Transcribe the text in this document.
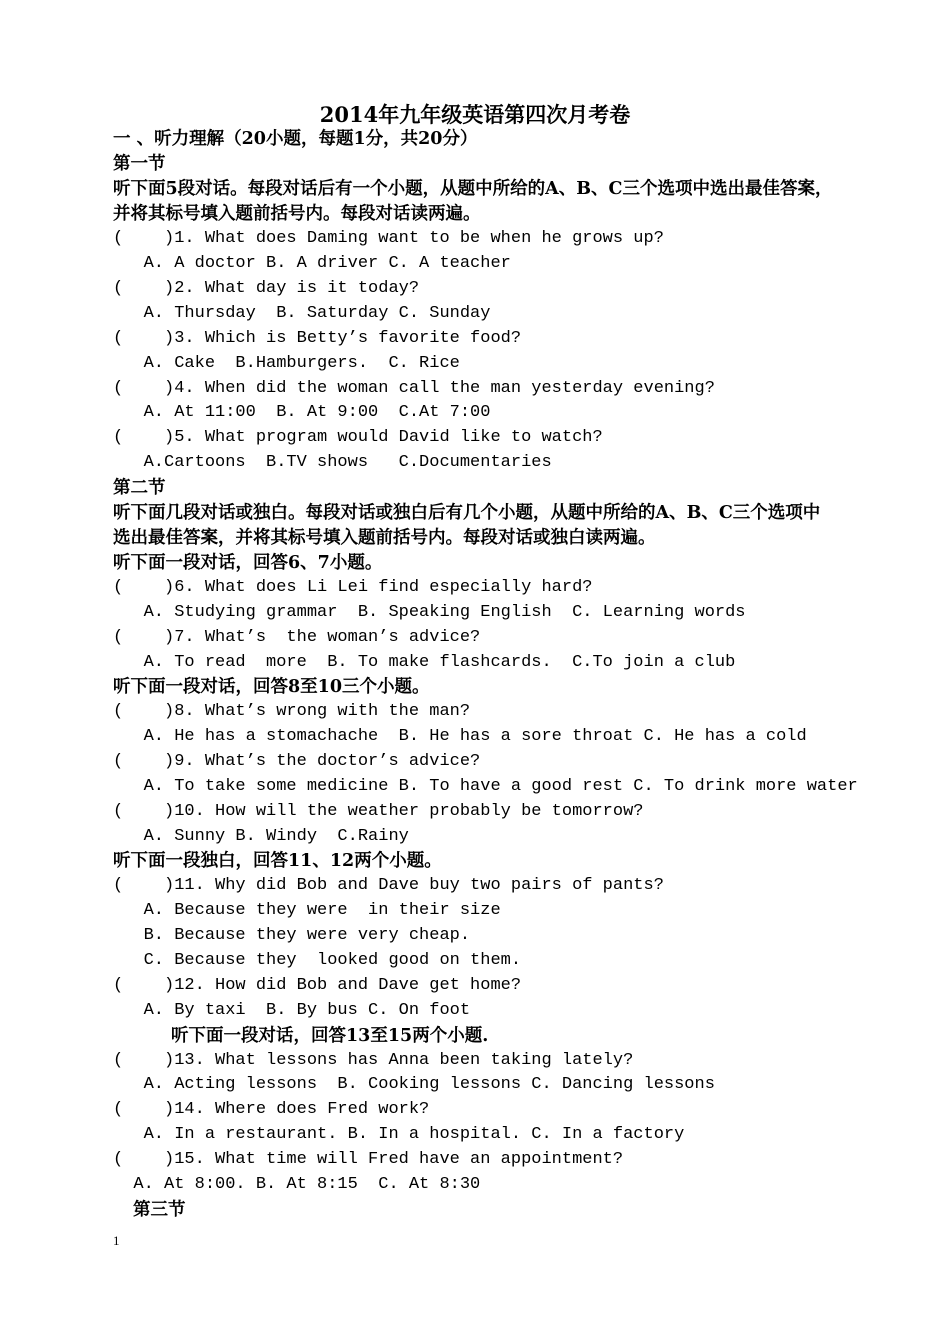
2014年九年级英语第四次月考卷
一 、听力理解（20小题，每题1分，共20分）
第一节
听下面5段对话。每段对话后有一个小题，从题中所给的A、B、C三个选项中选出最佳答案，
并将其标号填入题前括号内。每段对话读两遍。
(    )1. What does Daming want to be when he grows up?
A. A doctor B. A driver C. A teacher
(    )2. What day is it today?
A. Thursday  B. Saturday C. Sunday
(    )3. Which is Betty’s favorite food?
A. Cake  B.Hamburgers.  C. Rice
(    )4. When did the woman call the man yesterday evening?
A. At 11:00  B. At 9:00  C.At 7:00
(    )5. What program would David like to watch?
A.Cartoons  B.TV shows   C.Documentaries
第二节
听下面几段对话或独白。每段对话或独白后有几个小题，从题中所给的A、B、C三个选项中
选出最佳答案，并将其标号填入题前括号内。每段对话或独白读两遍。
听下面一段对话，回答6、7小题。
(    )6. What does Li Lei find especially hard?
A. Studying grammar  B. Speaking English  C. Learning words
(    )7. What’s  the woman’s advice?
A. To read  more  B. To make flashcards.  C.To join a club
听下面一段对话，回答8至10三个小题。
(    )8. What’s wrong with the man?
A. He has a stomachache  B. He has a sore throat C. He has a cold
(    )9. What’s the doctor’s advice?
A. To take some medicine B. To have a good rest C. To drink more water
(    )10. How will the weather probably be tomorrow?
A. Sunny B. Windy  C.Rainy
听下面一段独白，回答11、12两个小题。
(    )11. Why did Bob and Dave buy two pairs of pants?
A. Because they were  in their size
B. Because they were very cheap.
C. Because they  looked good on them.
(    )12. How did Bob and Dave get home?
A. By taxi  B. By bus C. On foot
听下面一段对话，回答13至15两个小题.
(    )13. What lessons has Anna been taking lately?
A. Acting lessons  B. Cooking lessons C. Dancing lessons
(    )14. Where does Fred work?
A. In a restaurant. B. In a hospital. C. In a factory
(    )15. What time will Fred have an appointment?
A. At 8:00. B. At 8:15  C. At 8:30
第三节
1
